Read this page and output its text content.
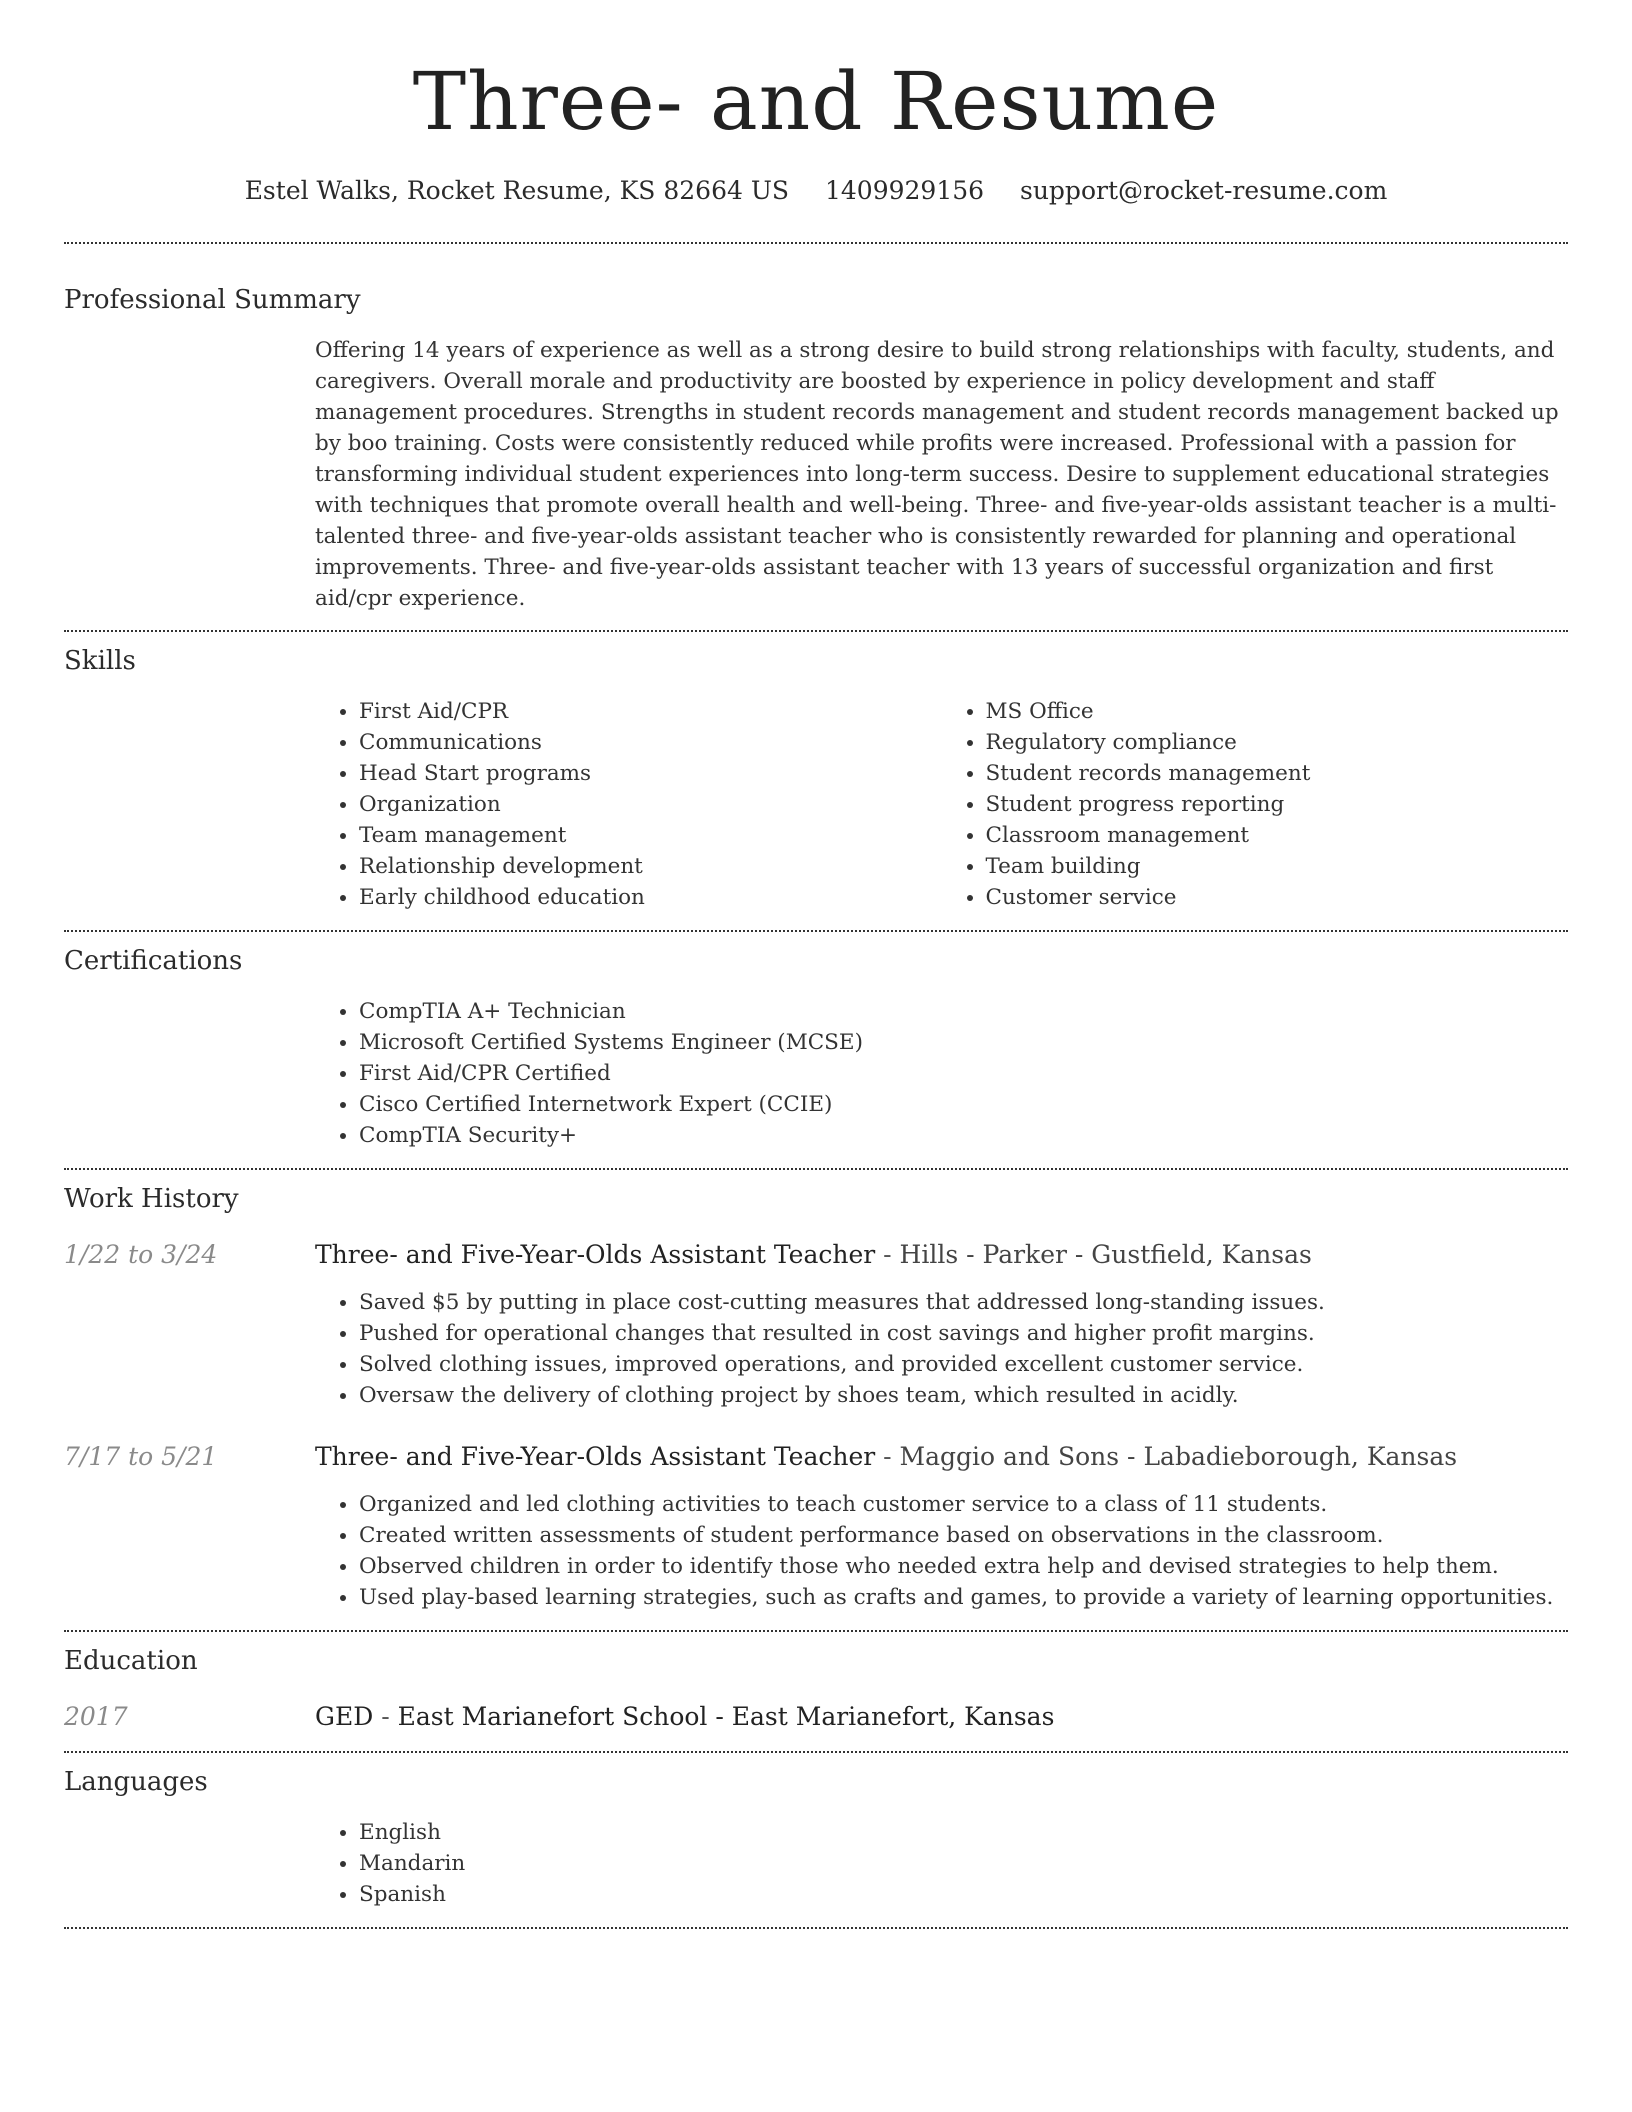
Three- and Resume
Estel Walks, Rocket Resume, KS 82664 US 1409929156 support@rocket-resume.com
Professional Summary

Offering 14 years of experience as well as a strong desire to build strong relationships with faculty, students, and caregivers. Overall morale and productivity are boosted by experience in policy development and staff management procedures. Strengths in student records management and student records management backed up by boo training. Costs were consistently reduced while profits were increased. Professional with a passion for transforming individual student experiences into long-term success. Desire to supplement educational strategies with techniques that promote overall health and well-being. Three- and five-year-olds assistant teacher is a multi-talented three- and five-year-olds assistant teacher who is consistently rewarded for planning and operational improvements. Three- and five-year-olds assistant teacher with 13 years of successful organization and first aid/cpr experience.

Skills
• First Aid/CPR
• Communications
• Head Start programs
• Organization
• Team management
• Relationship development
• Early childhood education
• MS Office
• Regulatory compliance
• Student records management
• Student progress reporting
• Classroom management
• Team building
• Customer service
Certifications
• CompTIA A+ Technician
• Microsoft Certified Systems Engineer (MCSE)
• First Aid/CPR Certified
• Cisco Certified Internetwork Expert (CCIE)
• CompTIA Security+
Work History
1/22 to 3/24	Three- and Five-Year-Olds Assistant Teacher - Hills - Parker - Gustfield, Kansas
• Saved $5 by putting in place cost-cutting measures that addressed long-standing issues.
• Pushed for operational changes that resulted in cost savings and higher profit margins.
• Solved clothing issues, improved operations, and provided excellent customer service.
• Oversaw the delivery of clothing project by shoes team, which resulted in acidly.
7/17 to 5/21	Three- and Five-Year-Olds Assistant Teacher - Maggio and Sons - Labadieborough, Kansas
• Organized and led clothing activities to teach customer service to a class of 11 students.
• Created written assessments of student performance based on observations in the classroom.
• Observed children in order to identify those who needed extra help and devised strategies to help them.
• Used play-based learning strategies, such as crafts and games, to provide a variety of learning opportunities.
Education
2017	GED - East Marianefort School - East Marianefort, Kansas
Languages
• English
• Mandarin
• Spanish
